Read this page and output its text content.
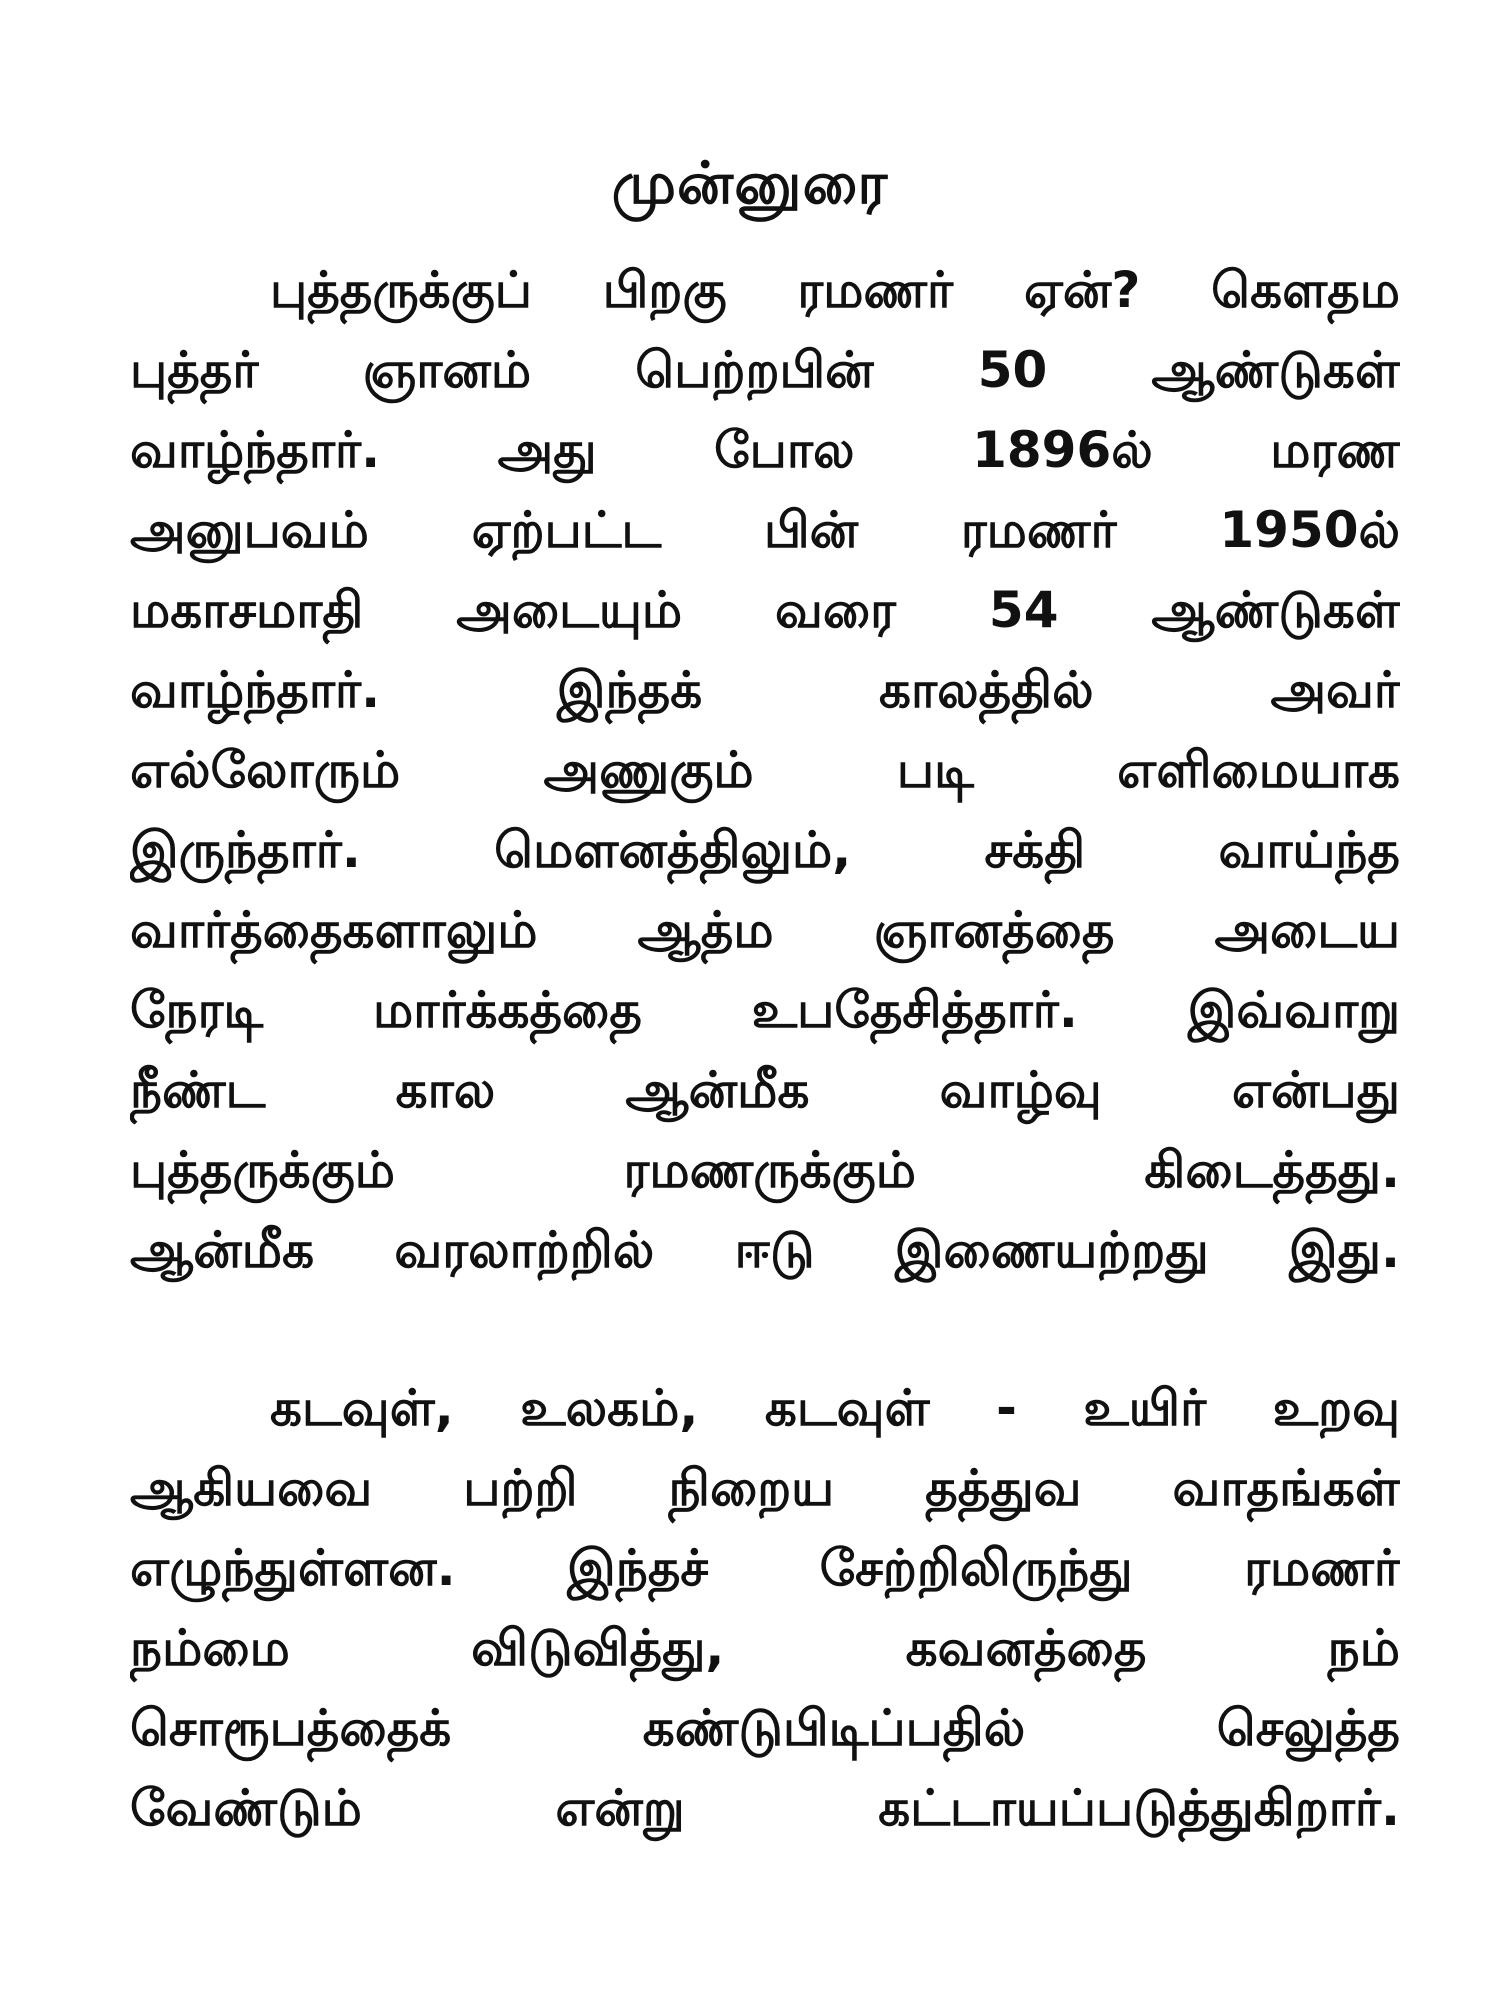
முன்னுரை
புத்தருக்குப் பிறகு ரமணர் ஏன்? கௌதம
புத்தர் ஞானம் பெற்றபின் 50 ஆண்டுகள்
வாழ்ந்தார். அது போல 1896ல் மரண
அனுபவம் ஏற்பட்ட பின் ரமணர் 1950ல்
மகாசமாதி அடையும் வரை 54 ஆண்டுகள்
வாழ்ந்தார். இந்தக் காலத்தில் அவர்
எல்லோரும் அணுகும் படி எளிமையாக
இருந்தார். மௌனத்திலும், சக்தி வாய்ந்த
வார்த்தைகளாலும் ஆத்ம ஞானத்தை அடைய
நேரடி மார்க்கத்தை உபதேசித்தார். இவ்வாறு
நீண்ட கால ஆன்மீக வாழ்வு என்பது
புத்தருக்கும் ரமணருக்கும் கிடைத்தது.
ஆன்மீக வரலாற்றில் ஈடு இணையற்றது இது.
கடவுள், உலகம், கடவுள் - உயிர் உறவு
ஆகியவை பற்றி நிறைய தத்துவ வாதங்கள்
எழுந்துள்ளன. இந்தச் சேற்றிலிருந்து ரமணர்
நம்மை விடுவித்து, கவனத்தை நம்
சொரூபத்தைக் கண்டுபிடிப்பதில் செலுத்த
வேண்டும் என்று கட்டாயப்படுத்துகிறார்.
